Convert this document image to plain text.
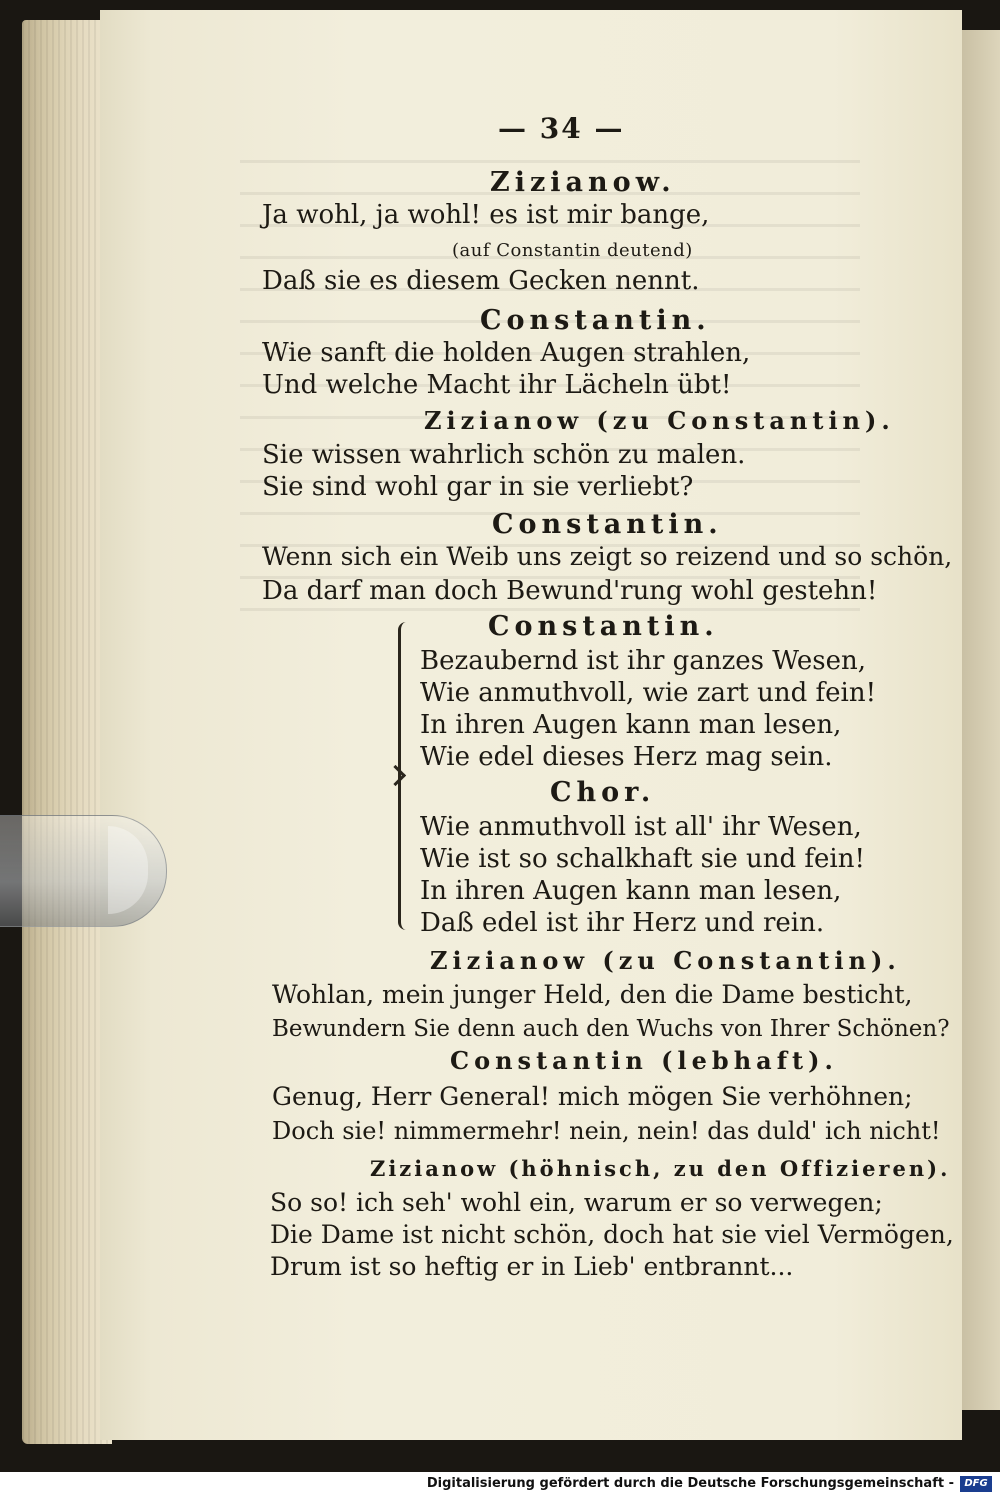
— 34 —
Zizianow.
Ja wohl, ja wohl! es ist mir bange,
(auf Constantin deutend)
Daß sie es diesem Gecken nennt.
Constantin.
Wie sanft die holden Augen strahlen,
Und welche Macht ihr Lächeln übt!
Zizianow (zu Constantin).
Sie wissen wahrlich schön zu malen.
Sie sind wohl gar in sie verliebt?
Constantin.
Wenn sich ein Weib uns zeigt so reizend und so schön,
Da darf man doch Bewund'rung wohl gestehn!
Constantin.
Bezaubernd ist ihr ganzes Wesen,
Wie anmuthvoll, wie zart und fein!
In ihren Augen kann man lesen,
Wie edel dieses Herz mag sein.
Chor.
Wie anmuthvoll ist all' ihr Wesen,
Wie ist so schalkhaft sie und fein!
In ihren Augen kann man lesen,
Daß edel ist ihr Herz und rein.
Zizianow (zu Constantin).
Wohlan, mein junger Held, den die Dame besticht,
Bewundern Sie denn auch den Wuchs von Ihrer Schönen?
Constantin (lebhaft).
Genug, Herr General! mich mögen Sie verhöhnen;
Doch sie! nimmermehr! nein, nein! das duld' ich nicht!
Zizianow (höhnisch, zu den Offizieren).
So so! ich seh' wohl ein, warum er so verwegen;
Die Dame ist nicht schön, doch hat sie viel Vermögen,
Drum ist so heftig er in Lieb' entbrannt...
Digitalisierung gefördert durch die Deutsche Forschungsgemeinschaft -	DFG
